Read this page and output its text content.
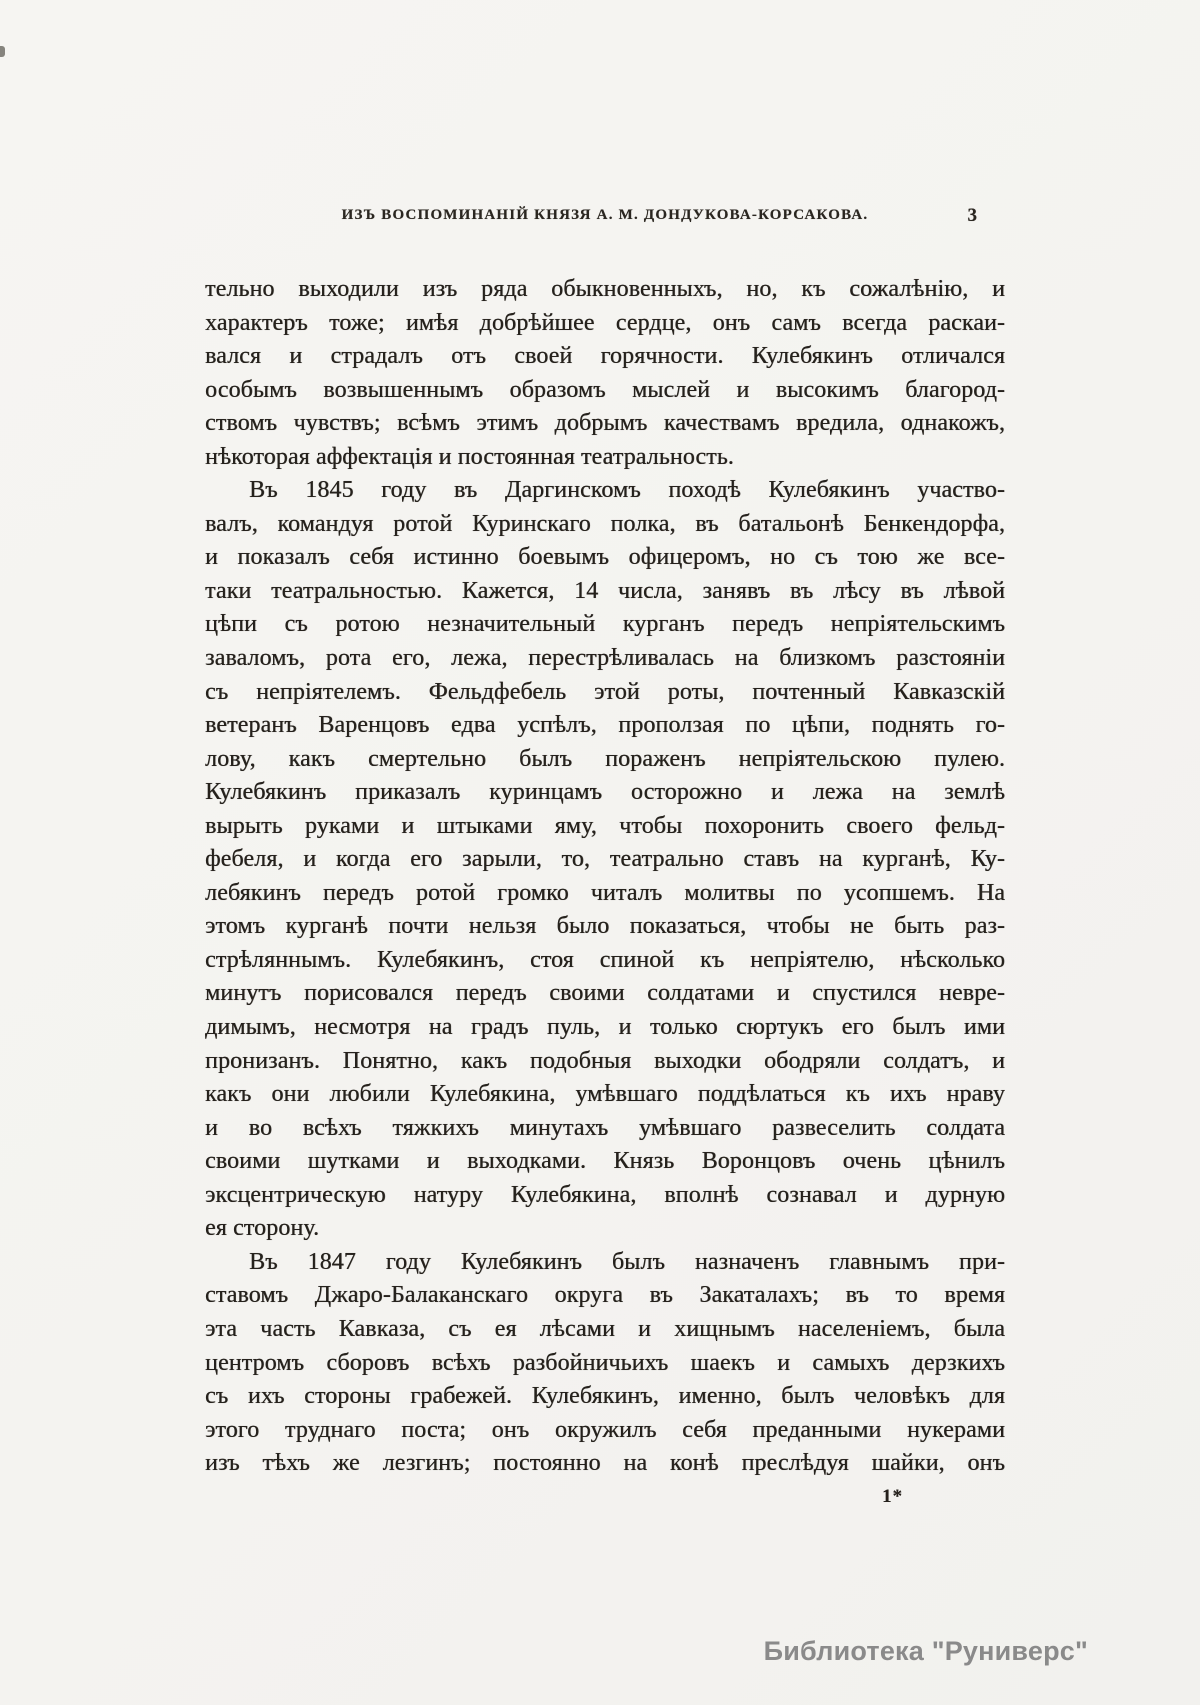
ИЗЪ ВОСПОМИНАНІЙ КНЯЗЯ А. М. ДОНДУКОВА-КОРСАКОВА.	3
тельно выходили изъ ряда обыкновенныхъ, но, къ сожалѣнію, и
характеръ тоже; имѣя добрѣйшее сердце, онъ самъ всегда раскаи-
вался и страдалъ отъ своей горячности. Кулебякинъ отличался
особымъ возвышеннымъ образомъ мыслей и высокимъ благород-
ствомъ чувствъ; всѣмъ этимъ добрымъ качествамъ вредила, однакожъ,
нѣкоторая аффектація и постоянная театральность.
Въ 1845 году въ Даргинскомъ походѣ Кулебякинъ участво-
валъ, командуя ротой Куринскаго полка, въ батальонѣ Бенкендорфа,
и показалъ себя истинно боевымъ офицеромъ, но съ тою же все-
таки театральностью. Кажется, 14 числа, занявъ въ лѣсу въ лѣвой
цѣпи съ ротою незначительный курганъ передъ непріятельскимъ
заваломъ, рота его, лежа, перестрѣливалась на близкомъ разстояніи
съ непріятелемъ. Фельдфебель этой роты, почтенный Кавказскій
ветеранъ Варенцовъ едва успѣлъ, проползая по цѣпи, поднять го-
лову, какъ смертельно былъ пораженъ непріятельскою пулею.
Кулебякинъ приказалъ куринцамъ осторожно и лежа на землѣ
вырыть руками и штыками яму, чтобы похоронить своего фельд-
фебеля, и когда его зарыли, то, театрально ставъ на курганѣ, Ку-
лебякинъ передъ ротой громко читалъ молитвы по усопшемъ. На
этомъ курганѣ почти нельзя было показаться, чтобы не быть раз-
стрѣляннымъ. Кулебякинъ, стоя спиной къ непріятелю, нѣсколько
минутъ порисовался передъ своими солдатами и спустился невре-
димымъ, несмотря на градъ пуль, и только сюртукъ его былъ ими
пронизанъ. Понятно, какъ подобныя выходки ободряли солдатъ, и
какъ они любили Кулебякина, умѣвшаго поддѣлаться къ ихъ нраву
и во всѣхъ тяжкихъ минутахъ умѣвшаго развеселить солдата
своими шутками и выходками. Князь Воронцовъ очень цѣнилъ
эксцентрическую натуру Кулебякина, вполнѣ сознавал и дурную
ея сторону.
Въ 1847 году Кулебякинъ былъ назначенъ главнымъ при-
ставомъ Джаро-Балаканскаго округа въ Закаталахъ; въ то время
эта часть Кавказа, съ ея лѣсами и хищнымъ населеніемъ, была
центромъ сборовъ всѣхъ разбойничьихъ шаекъ и самыхъ дерзкихъ
съ ихъ стороны грабежей. Кулебякинъ, именно, былъ человѣкъ для
этого труднаго поста; онъ окружилъ себя преданными нукерами
изъ тѣхъ же лезгинъ; постоянно на конѣ преслѣдуя шайки, онъ
1*
Библиотека "Руниверс"
